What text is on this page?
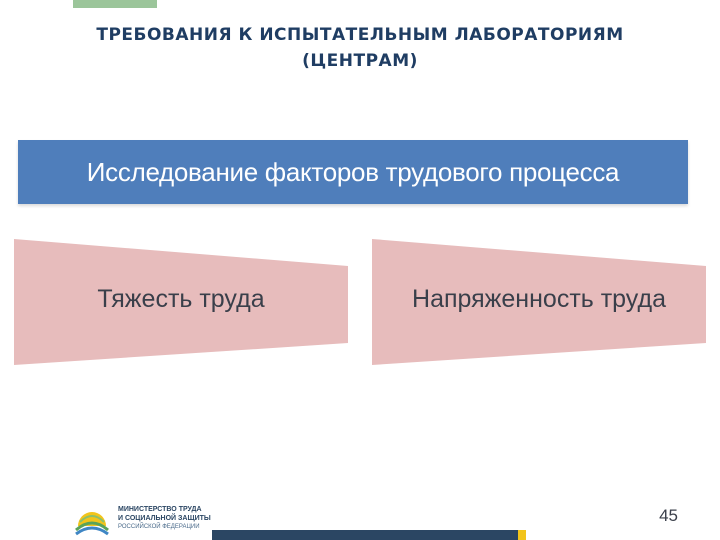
ТРЕБОВАНИЯ К ИСПЫТАТЕЛЬНЫМ ЛАБОРАТОРИЯМ
(ЦЕНТРАМ)
Исследование факторов трудового процесса
Тяжесть труда	Напряженность труда
МИНИСТЕРСТВО ТРУДА
И СОЦИАЛЬНОЙ ЗАЩИТЫ
РОССИЙСКОЙ ФЕДЕРАЦИИ
45
